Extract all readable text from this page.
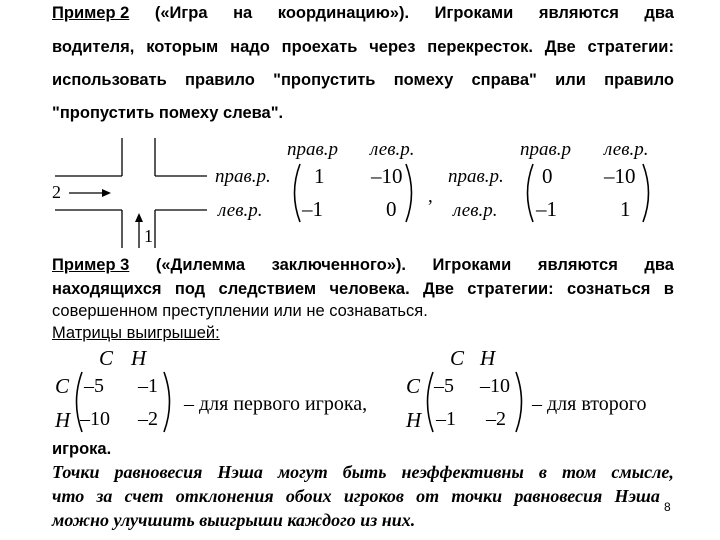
Пример 2 («Игра на координацию»). Игроками являются два
водителя, которым надо проехать через перекресток. Две стратегии:
использовать правило "пропустить помеху справа" или правило
"пропустить помеху слева".
2
1
прав.р лев.р.
прав.р.
лев.р.
1 –10
–1	0
,
прав.р лев.р.
прав.р.
лев.р.
0 –10
–1	1
Пример 3 («Дилемма заключенного»). Игроками являются два
находящихся под следствием человека. Две стратегии: сознаться в
совершенном преступлении или не сознаваться.
Матрицы выигрышей:
C H
C
H
–5 –1
–10 –2
– для первого игрока,
C H
C
H
–5 –10
–1 –2
– для второго
игрока.
Точки равновесия Нэша могут быть неэффективны в том смысле,
что за счет отклонения обоих игроков от точки равновесия Нэша
можно улучшить выигрыши каждого из них.
8
